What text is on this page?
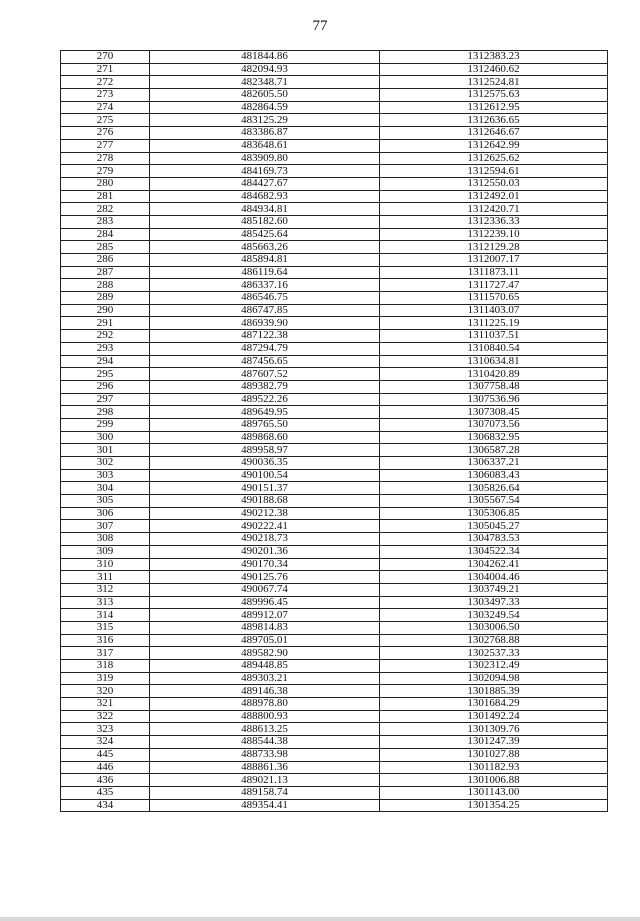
77
270	481844.86	1312383.23
271	482094.93	1312460.62
272	482348.71	1312524.81
273	482605.50	1312575.63
274	482864.59	1312612.95
275	483125.29	1312636.65
276	483386.87	1312646.67
277	483648.61	1312642.99
278	483909.80	1312625.62
279	484169.73	1312594.61
280	484427.67	1312550.03
281	484682.93	1312492.01
282	484934.81	1312420.71
283	485182.60	1312336.33
284	485425.64	1312239.10
285	485663.26	1312129.28
286	485894.81	1312007.17
287	486119.64	1311873.11
288	486337.16	1311727.47
289	486546.75	1311570.65
290	486747.85	1311403.07
291	486939.90	1311225.19
292	487122.38	1311037.51
293	487294.79	1310840.54
294	487456.65	1310634.81
295	487607.52	1310420.89
296	489382.79	1307758.48
297	489522.26	1307536.96
298	489649.95	1307308.45
299	489765.50	1307073.56
300	489868.60	1306832.95
301	489958.97	1306587.28
302	490036.35	1306337.21
303	490100.54	1306083.43
304	490151.37	1305826.64
305	490188.68	1305567.54
306	490212.38	1305306.85
307	490222.41	1305045.27
308	490218.73	1304783.53
309	490201.36	1304522.34
310	490170.34	1304262.41
311	490125.76	1304004.46
312	490067.74	1303749.21
313	489996.45	1303497.33
314	489912.07	1303249.54
315	489814.83	1303006.50
316	489705.01	1302768.88
317	489582.90	1302537.33
318	489448.85	1302312.49
319	489303.21	1302094.98
320	489146.38	1301885.39
321	488978.80	1301684.29
322	488800.93	1301492.24
323	488613.25	1301309.76
324	488544.38	1301247.39
445	488733.98	1301027.88
446	488861.36	1301182.93
436	489021.13	1301006.88
435	489158.74	1301143.00
434	489354.41	1301354.25
